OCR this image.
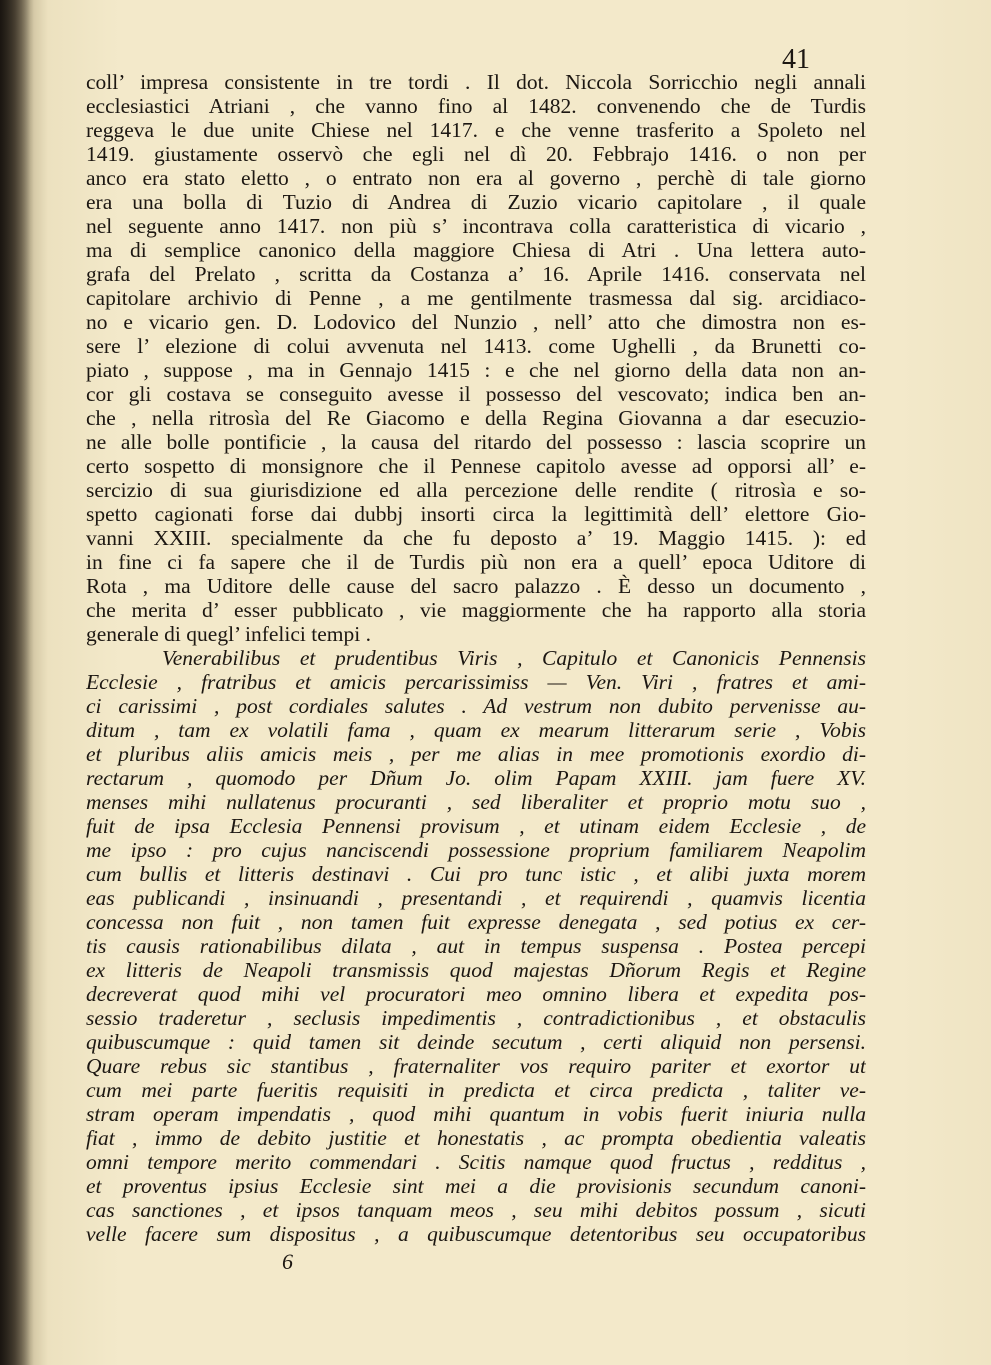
41
coll’ impresa consistente in tre tordi . Il dot. Niccola Sorricchio negli annali
ecclesiastici Atriani , che vanno fino al 1482. convenendo che de Turdis
reggeva le due unite Chiese nel 1417. e che venne trasferito a Spoleto nel
1419. giustamente osservò che egli nel dì 20. Febbrajo 1416. o non per
anco era stato eletto , o entrato non era al governo , perchè di tale giorno
era una bolla di Tuzio di Andrea di Zuzio vicario capitolare , il quale
nel seguente anno 1417. non più s’ incontrava colla caratteristica di vicario ,
ma di semplice canonico della maggiore Chiesa di Atri . Una lettera auto-
grafa del Prelato , scritta da Costanza a’ 16. Aprile 1416. conservata nel
capitolare archivio di Penne , a me gentilmente trasmessa dal sig. arcidiaco-
no e vicario gen. D. Lodovico del Nunzio , nell’ atto che dimostra non es-
sere l’ elezione di colui avvenuta nel 1413. come Ughelli , da Brunetti co-
piato , suppose , ma in Gennajo 1415 : e che nel giorno della data non an-
cor gli costava se conseguito avesse il possesso del vescovato; indica ben an-
che , nella ritrosìa del Re Giacomo e della Regina Giovanna a dar esecuzio-
ne alle bolle pontificie , la causa del ritardo del possesso : lascia scoprire un
certo sospetto di monsignore che il Pennese capitolo avesse ad opporsi all’ e-
sercizio di sua giurisdizione ed alla percezione delle rendite ( ritrosìa e so-
spetto cagionati forse dai dubbj insorti circa la legittimità dell’ elettore Gio-
vanni XXIII. specialmente da che fu deposto a’ 19. Maggio 1415. ): ed
in fine ci fa sapere che il de Turdis più non era a quell’ epoca Uditore di
Rota , ma Uditore delle cause del sacro palazzo . È desso un documento ,
che merita d’ esser pubblicato , vie maggiormente che ha rapporto alla storia
generale di quegl’ infelici tempi .
Venerabilibus et prudentibus Viris , Capitulo et Canonicis Pennensis
Ecclesie , fratribus et amicis percarissimiss — Ven. Viri , fratres et ami-
ci carissimi , post cordiales salutes . Ad vestrum non dubito pervenisse au-
ditum , tam ex volatili fama , quam ex mearum litterarum serie , Vobis
et pluribus aliis amicis meis , per me alias in mee promotionis exordio di-
rectarum , quomodo per Dñum Jo. olim Papam XXIII. jam fuere XV.
menses mihi nullatenus procuranti , sed liberaliter et proprio motu suo ,
fuit de ipsa Ecclesia Pennensi provisum , et utinam eidem Ecclesie , de
me ipso : pro cujus nanciscendi possessione proprium familiarem Neapolim
cum bullis et litteris destinavi . Cui pro tunc istic , et alibi juxta morem
eas publicandi , insinuandi , presentandi , et requirendi , quamvis licentia
concessa non fuit , non tamen fuit expresse denegata , sed potius ex cer-
tis causis rationabilibus dilata , aut in tempus suspensa . Postea percepi
ex litteris de Neapoli transmissis quod majestas Dñorum Regis et Regine
decreverat quod mihi vel procuratori meo omnino libera et expedita pos-
sessio traderetur , seclusis impedimentis , contradictionibus , et obstaculis
quibuscumque : quid tamen sit deinde secutum , certi aliquid non persensi.
Quare rebus sic stantibus , fraternaliter vos requiro pariter et exortor ut
cum mei parte fueritis requisiti in predicta et circa predicta , taliter ve-
stram operam impendatis , quod mihi quantum in vobis fuerit iniuria nulla
fiat , immo de debito justitie et honestatis , ac prompta obedientia valeatis
omni tempore merito commendari . Scitis namque quod fructus , redditus ,
et proventus ipsius Ecclesie sint mei a die provisionis secundum canoni-
cas sanctiones , et ipsos tanquam meos , seu mihi debitos possum , sicuti
velle facere sum dispositus , a quibuscumque detentoribus seu occupatoribus
6
